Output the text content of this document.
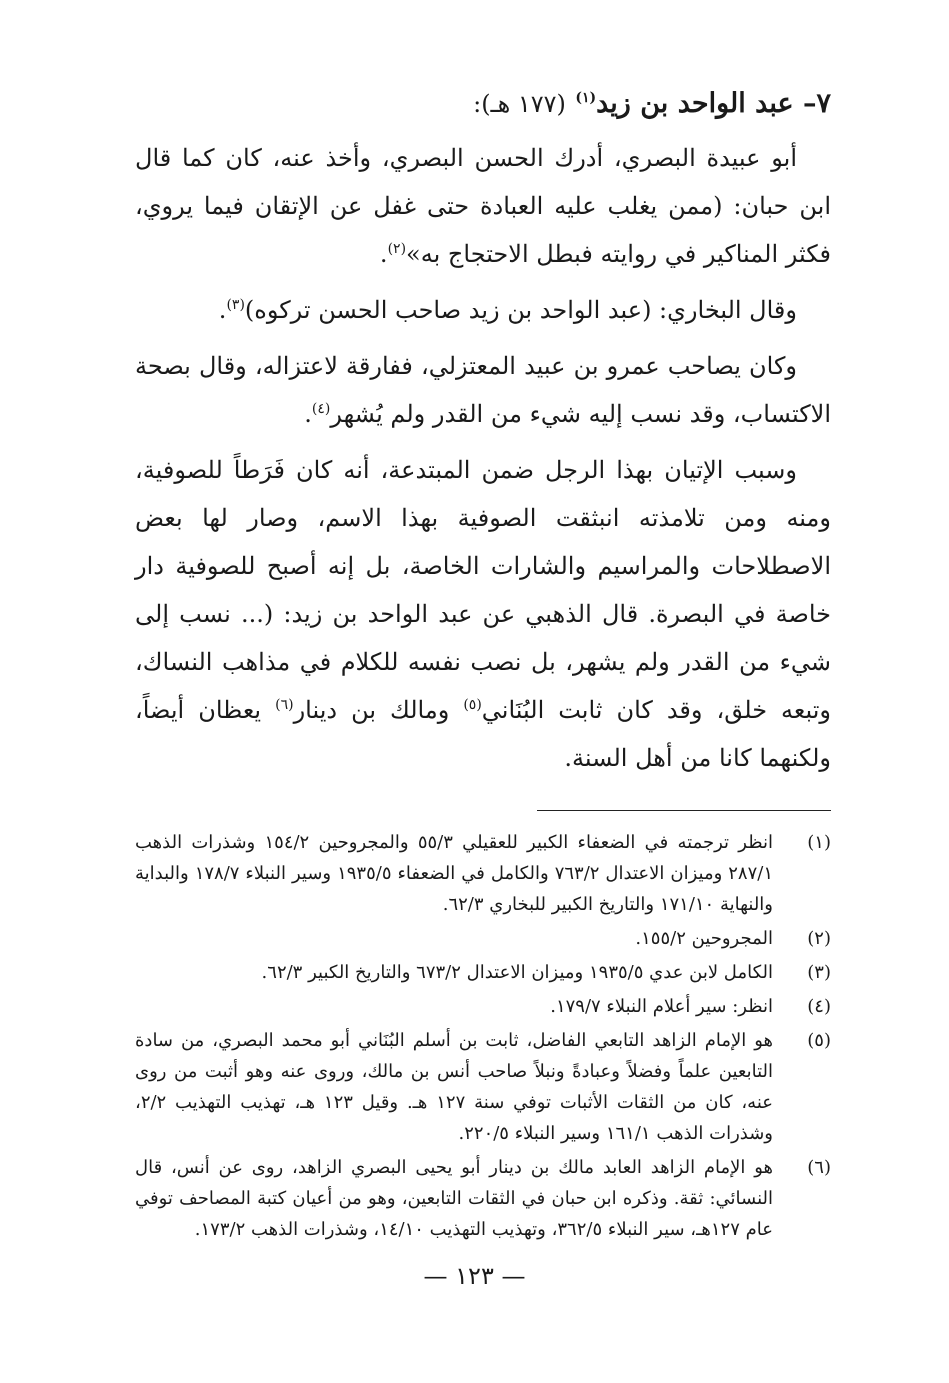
٧– عبد الواحد بن زيد$^{(١)}$ (١٧٧ هـ):

أبو عبيدة البصري، أدرك الحسن البصري، وأخذ عنه، كان كما قال ابن حبان: (ممن يغلب عليه العبادة حتى غفل عن الإتقان فيما يروي، فكثر المناكير في روايته فبطل الاحتجاج به»$^{(٢)}$.

وقال البخاري: (عبد الواحد بن زيد صاحب الحسن تركوه)$^{(٣)}$.

وكان يصاحب عمرو بن عبيد المعتزلي، ففارقة لاعتزاله، وقال بصحة الاكتساب، وقد نسب إليه شيء من القدر ولم يُشهر$^{(٤)}$.

وسبب الإتيان بهذا الرجل ضمن المبتدعة، أنه كان فَرَطاً للصوفية، ومنه ومن تلامذته انبثقت الصوفية بهذا الاسم، وصار لها بعض الاصطلاحات والمراسيم والشارات الخاصة، بل إنه أصبح للصوفية دار خاصة في البصرة. قال الذهبي عن عبد الواحد بن زيد: (... نسب إلى شيء من القدر ولم يشهر، بل نصب نفسه للكلام في مذاهب النساك، وتبعه خلق، وقد كان ثابت البُنَاني$^{(٥)}$ ومالك بن دينار$^{(٦)}$ يعظان أيضاً، ولكنهما كانا من أهل السنة.

(١)
انظر ترجمته في الضعفاء الكبير للعقيلي ٥٥/٣ والمجروحين ١٥٤/٢ وشذرات الذهب ٢٨٧/١ وميزان الاعتدال ٧٦٣/٢ والكامل في الضعفاء ١٩٣٥/٥ وسير النبلاء ١٧٨/٧ والبداية والنهاية ١٧١/١٠ والتاريخ الكبير للبخاري ٦٢/٣.
(٢)
المجروحين ١٥٥/٢.
(٣)
الكامل لابن عدي ١٩٣٥/٥ وميزان الاعتدال ٦٧٣/٢ والتاريخ الكبير ٦٢/٣.
(٤)
انظر: سير أعلام النبلاء ١٧٩/٧.
(٥)
هو الإمام الزاهد التابعي الفاضل، ثابت بن أسلم البُنَاني أبو محمد البصري، من سادة التابعين علماً وفضلاً وعبادةً ونبلاً صاحب أنس بن مالك، وروى عنه وهو أثبت من روى عنه، كان من الثقات الأثبات توفي سنة ١٢٧ هـ. وقيل ١٢٣ هـ، تهذيب التهذيب ٢/٢، وشذرات الذهب ١٦١/١ وسير النبلاء ٢٢٠/٥.
(٦)
هو الإمام الزاهد العابد مالك بن دينار أبو يحيى البصري الزاهد، روى عن أنس، قال النسائي: ثقة. وذكره ابن حبان في الثقات التابعين، وهو من أعيان كتبة المصاحف توفي عام ١٢٧هـ، سير النبلاء ٣٦٢/٥، وتهذيب التهذيب ١٤/١٠، وشذرات الذهب ١٧٣/٢.
— ١٢٣ —
